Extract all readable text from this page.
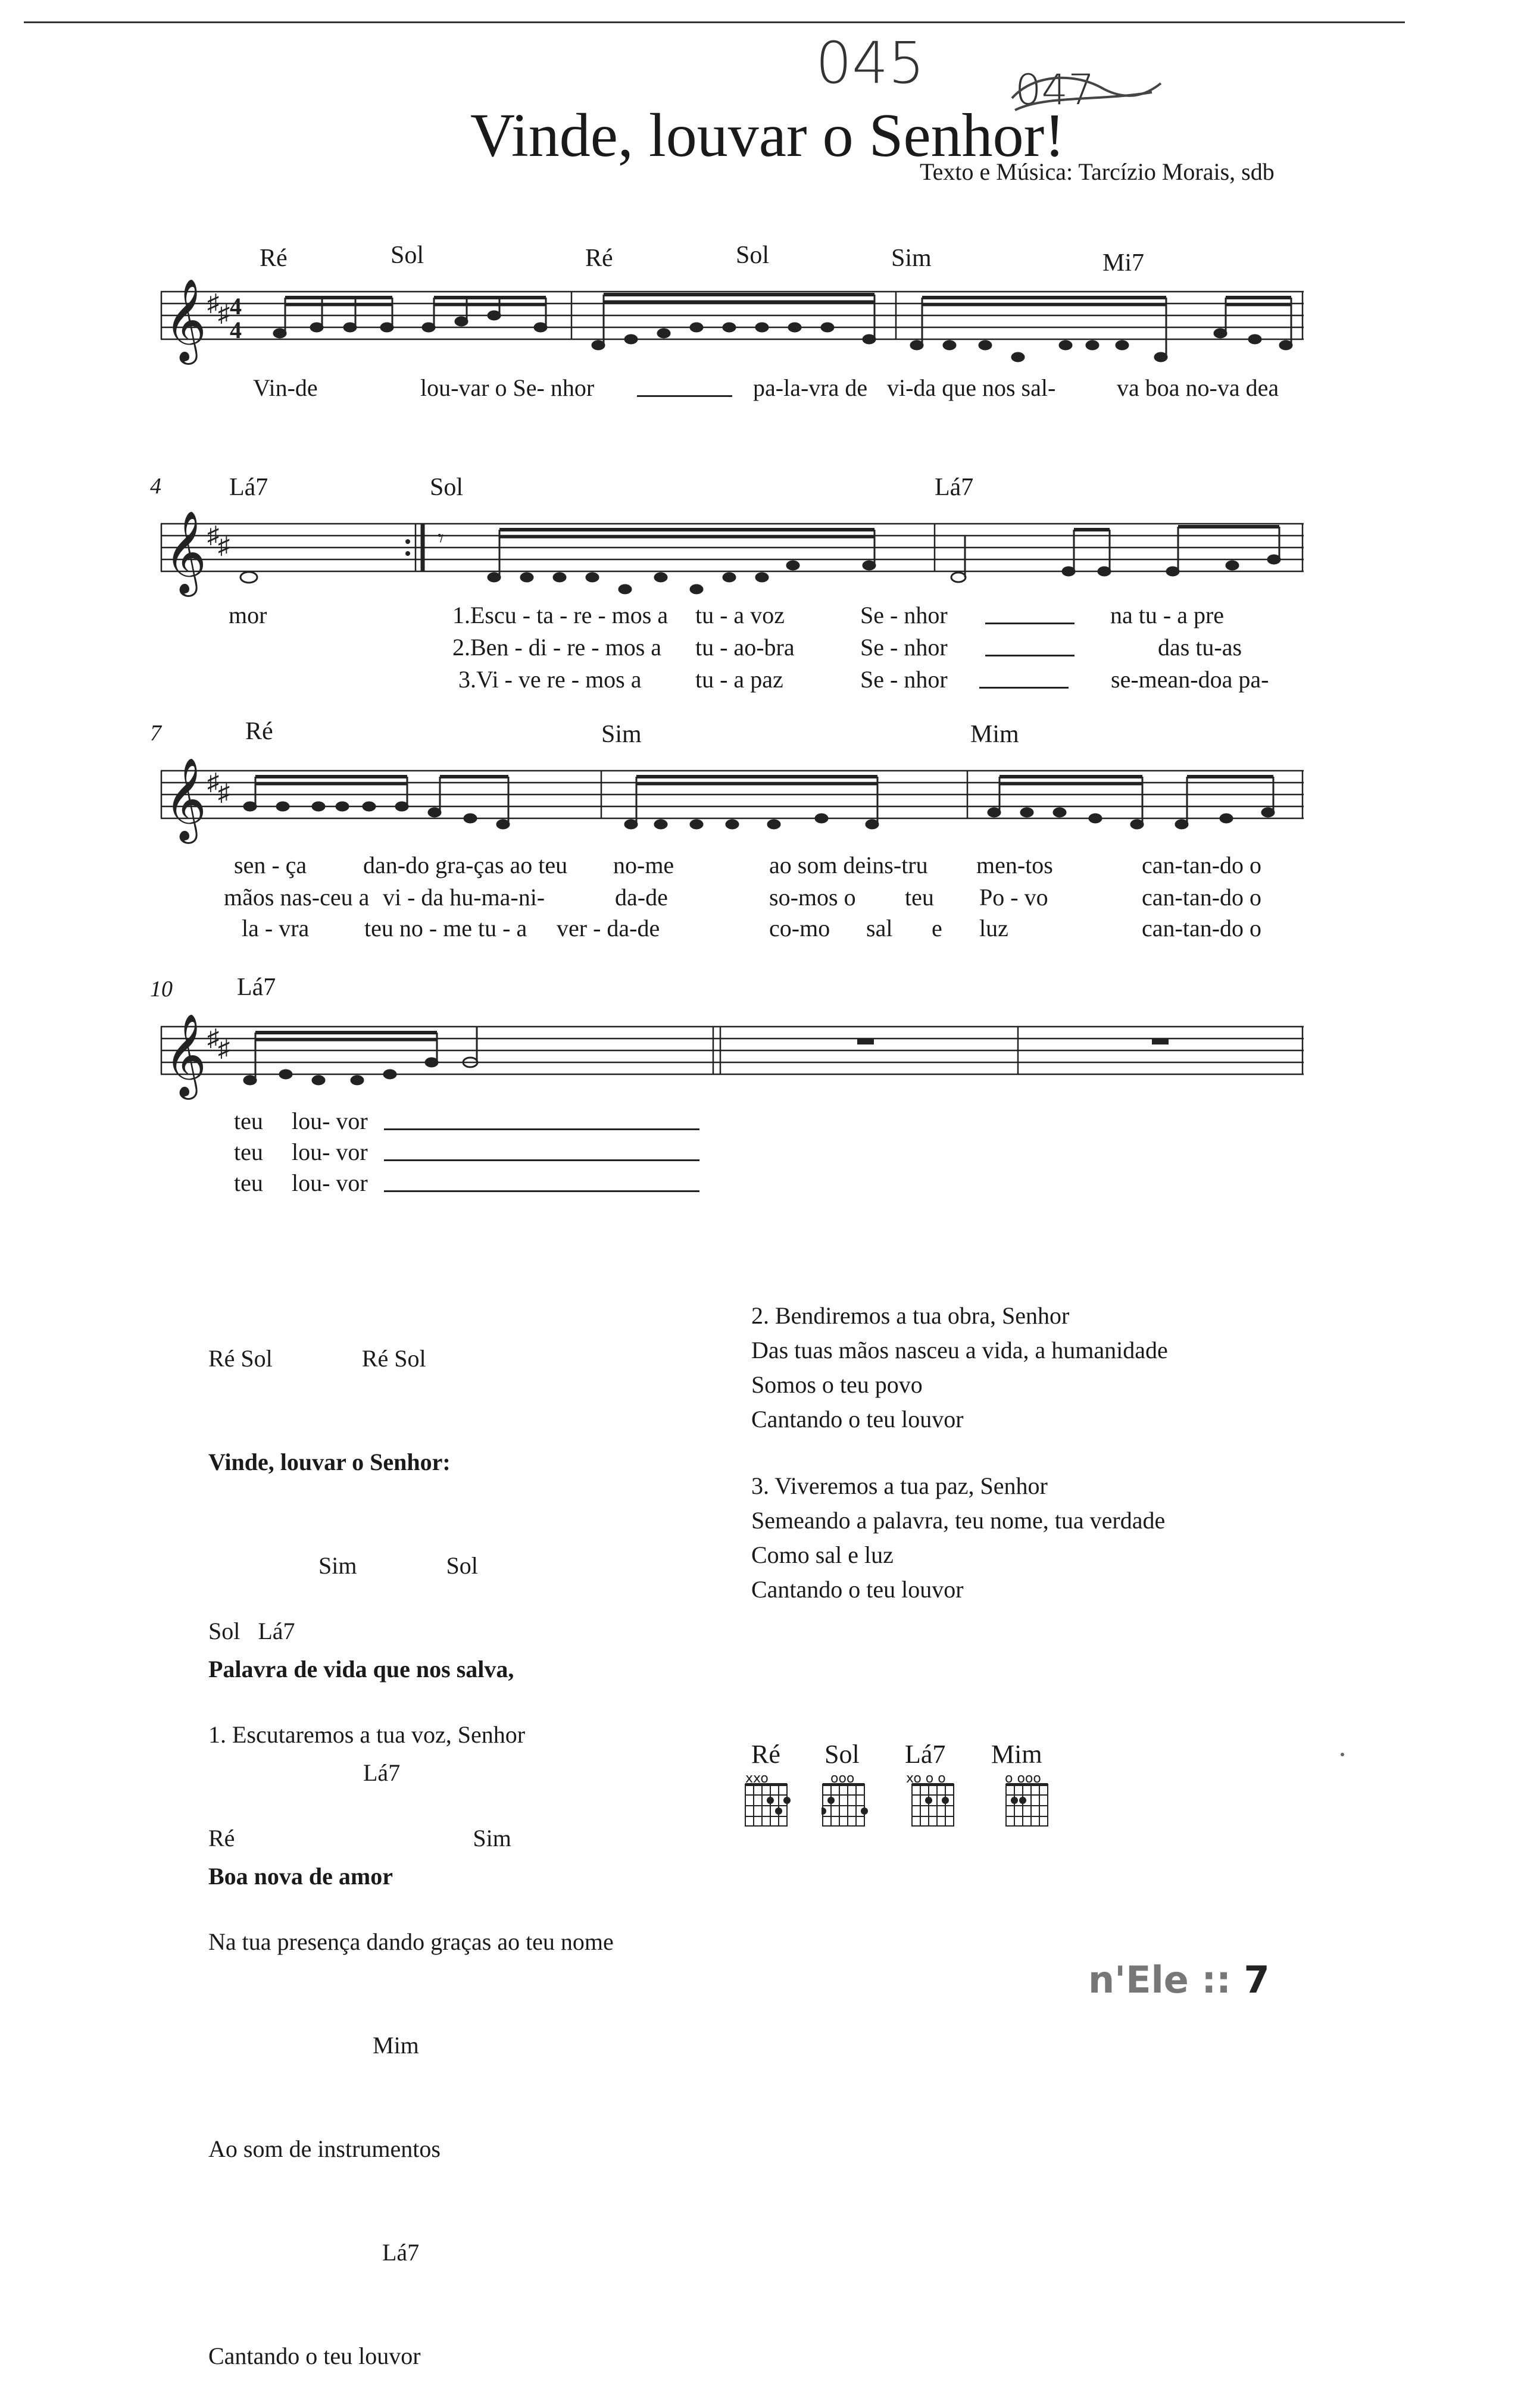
045 047
Vinde, louvar o Senhor!
Texto e Música: Tarcízio Morais, sdb
Ré	Sol	Ré	Sol	Sim	Mi7
𝄞 ♯
♯ 4
4
Vin-de	lou-var o Se- nhor	pa-la-vra de vi-da que nos sal-	va boa no-va dea
4	Lá7	Sol	Lá7
𝄞 ♯
♯	𝄾
mor	1.Escu - ta - re - mos a tu - a voz	Se - nhor	na tu - a pre
2.Ben - di - re - mos a tu - ao-bra	Se - nhor	das tu-as
3.Vi - ve re - mos a tu - a paz	Se - nhor	se-mean-doa pa-
7	Ré	Sim	Mim
𝄞 ♯
♯
sen - ça dan-do gra-ças ao teu no-me	ao som deins-tru men-tos	can-tan-do o
mãos nas-ceu a vi - da hu-ma-ni-	da-de	so-mos o teu Po - vo	can-tan-do o
la - vra teu no - me tu - a ver - da-de	co-mo sal e luz	can-tan-do o
10	Lá7
𝄞 ♯
♯
teu lou- vor
teu lou- vor
teu lou- vor

Ré Sol               Ré Sol

Vinde, louvar o Senhor:

Sim               Sol

Palavra de vida que nos salva,

Lá7

Boa nova de amor

Sol   Lá7

1. Escutaremos a tua voz, Senhor

Ré                                        Sim

Na tua presença dando graças ao teu nome

Mim

Ao som de instrumentos

Lá7

Cantando o teu louvor

2. Bendiremos a tua obra, Senhor
Das tuas mãos nasceu a vida, a humanidade
Somos o teu povo
Cantando o teu louvor
3. Viveremos a tua paz, Senhor
Semeando a palavra, teu nome, tua verdade
Como sal e luz
Cantando o teu louvor
Ré
xxo
Sol
ooo
Lá7
xo o o
Mim
o ooo
n'Ele :: 7
